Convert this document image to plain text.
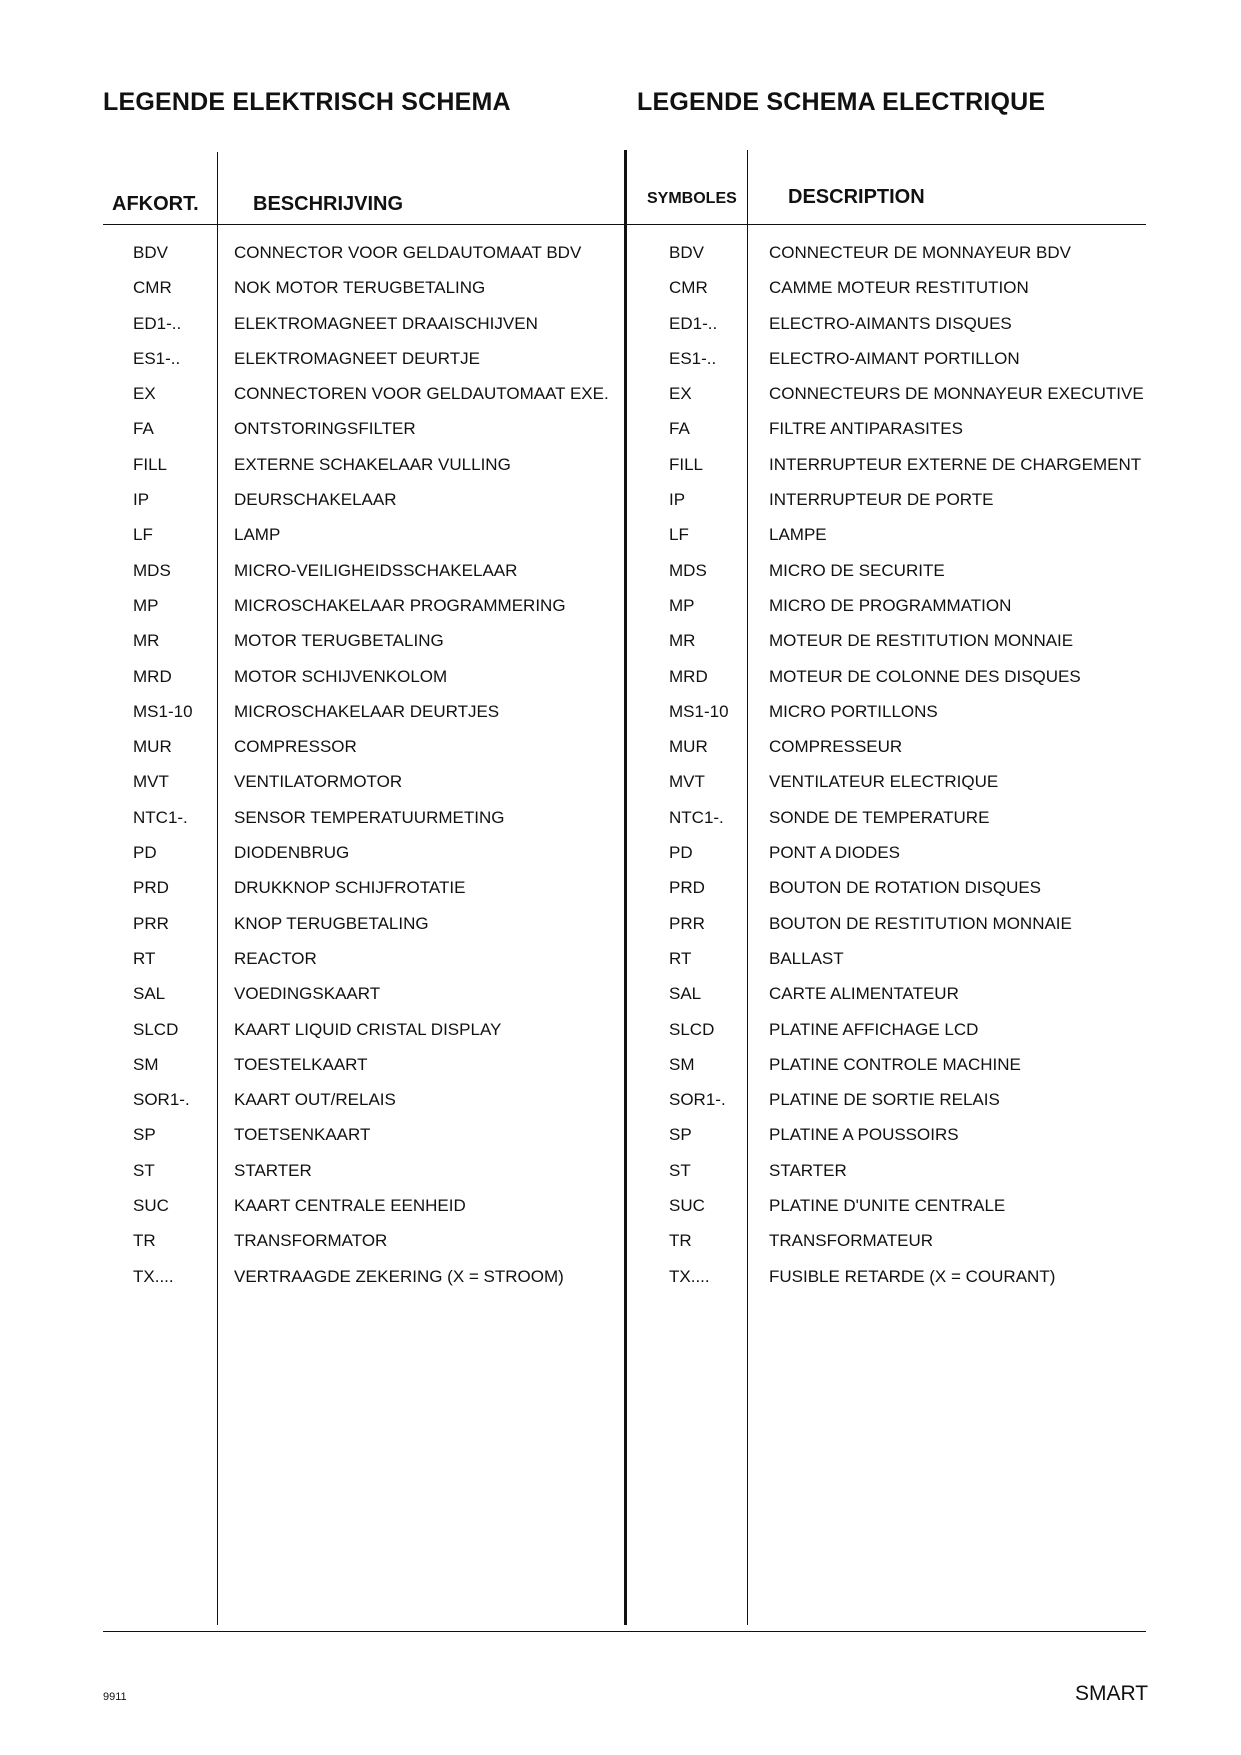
LEGENDE ELEKTRISCH SCHEMA	LEGENDE SCHEMA ELECTRIQUE
AFKORT.	BESCHRIJVING	SYMBOLES	DESCRIPTION
BDV	CONNECTOR VOOR GELDAUTOMAAT BDV	BDV	CONNECTEUR DE MONNAYEUR BDV
CMR	NOK MOTOR TERUGBETALING	CMR	CAMME MOTEUR RESTITUTION
ED1-..	ELEKTROMAGNEET DRAAISCHIJVEN	ED1-..	ELECTRO-AIMANTS DISQUES
ES1-..	ELEKTROMAGNEET DEURTJE	ES1-..	ELECTRO-AIMANT PORTILLON
EX	CONNECTOREN VOOR GELDAUTOMAAT EXE.	EX	CONNECTEURS DE MONNAYEUR EXECUTIVE
FA	ONTSTORINGSFILTER	FA	FILTRE ANTIPARASITES
FILL	EXTERNE SCHAKELAAR VULLING	FILL	INTERRUPTEUR EXTERNE DE CHARGEMENT
IP	DEURSCHAKELAAR	IP	INTERRUPTEUR DE PORTE
LF	LAMP	LF	LAMPE
MDS	MICRO-VEILIGHEIDSSCHAKELAAR	MDS	MICRO DE SECURITE
MP	MICROSCHAKELAAR PROGRAMMERING	MP	MICRO DE PROGRAMMATION
MR	MOTOR TERUGBETALING	MR	MOTEUR DE RESTITUTION MONNAIE
MRD	MOTOR SCHIJVENKOLOM	MRD	MOTEUR DE COLONNE DES DISQUES
MS1-10 MICROSCHAKELAAR DEURTJES	MS1-10 MICRO PORTILLONS
MUR	COMPRESSOR	MUR	COMPRESSEUR
MVT	VENTILATORMOTOR	MVT	VENTILATEUR ELECTRIQUE
NTC1-.	SENSOR TEMPERATUURMETING	NTC1-.	SONDE DE TEMPERATURE
PD	DIODENBRUG	PD	PONT A DIODES
PRD	DRUKKNOP SCHIJFROTATIE	PRD	BOUTON DE ROTATION DISQUES
PRR	KNOP TERUGBETALING	PRR	BOUTON DE RESTITUTION MONNAIE
RT	REACTOR	RT	BALLAST
SAL	VOEDINGSKAART	SAL	CARTE ALIMENTATEUR
SLCD	KAART LIQUID CRISTAL DISPLAY	SLCD	PLATINE AFFICHAGE LCD
SM	TOESTELKAART	SM	PLATINE CONTROLE MACHINE
SOR1-.	KAART OUT/RELAIS	SOR1-.	PLATINE DE SORTIE RELAIS
SP	TOETSENKAART	SP	PLATINE A POUSSOIRS
ST	STARTER	ST	STARTER
SUC	KAART CENTRALE EENHEID	SUC	PLATINE D'UNITE CENTRALE
TR	TRANSFORMATOR	TR	TRANSFORMATEUR
TX....	VERTRAAGDE ZEKERING (X = STROOM)	TX....	FUSIBLE RETARDE (X = COURANT)
9911	SMART
